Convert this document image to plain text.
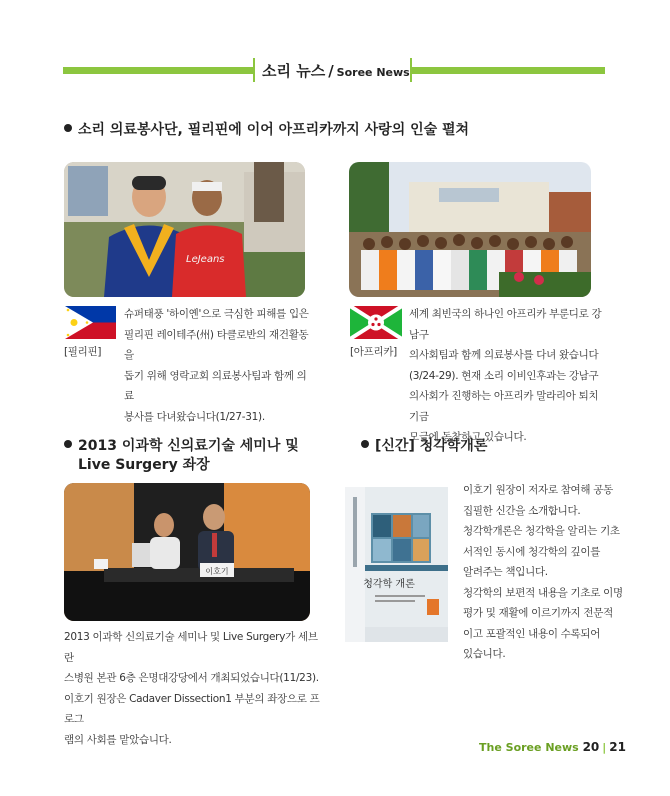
소리 뉴스 / Soree News
소리 의료봉사단, 필리핀에 이어 아프리카까지 사랑의 인술 펼쳐
LeJeans
[필리핀]
슈퍼태풍 '하이옌'으로 극심한 피해를 입은
필리핀 레이테주(州) 타클로반의 재건활동을
돕기 위해 영락교회 의료봉사팀과 함께 의료
봉사를 다녀왔습니다(1/27-31).
[아프리카]
세계 최빈국의 하나인 아프리카 부룬디로 강남구
의사회팀과 함께 의료봉사를 다녀 왔습니다
(3/24-29). 현재 소리 이비인후과는 강남구
의사회가 진행하는 아프리카 말라리아 퇴치 기금
모금에 동참하고 있습니다.
2013 이과학 신의료기술 세미나 및
Live Surgery 좌장
이호기
2013 이과학 신의료기술 세미나 및 Live Surgery가 세브란
스병원 본관 6층 은명대강당에서 개최되었습니다(11/23).
이호기 원장은 Cadaver Dissection1 부분의 좌장으로 프로그
램의 사회를 맡았습니다.
[신간] 청각학개론
청각학 개론
이호기 원장이 저자로 참여해 공동
집필한 신간을 소개합니다.
청각학개론은 청각학을 알리는 기초
서적인 동시에 청각학의 깊이를
알려주는 책입니다.
청각학의 보편적 내용을 기초로 이명
평가 및 재활에 이르기까지 전문적
이고 포괄적인 내용이 수록되어
있습니다.
The Soree News 20 | 21
